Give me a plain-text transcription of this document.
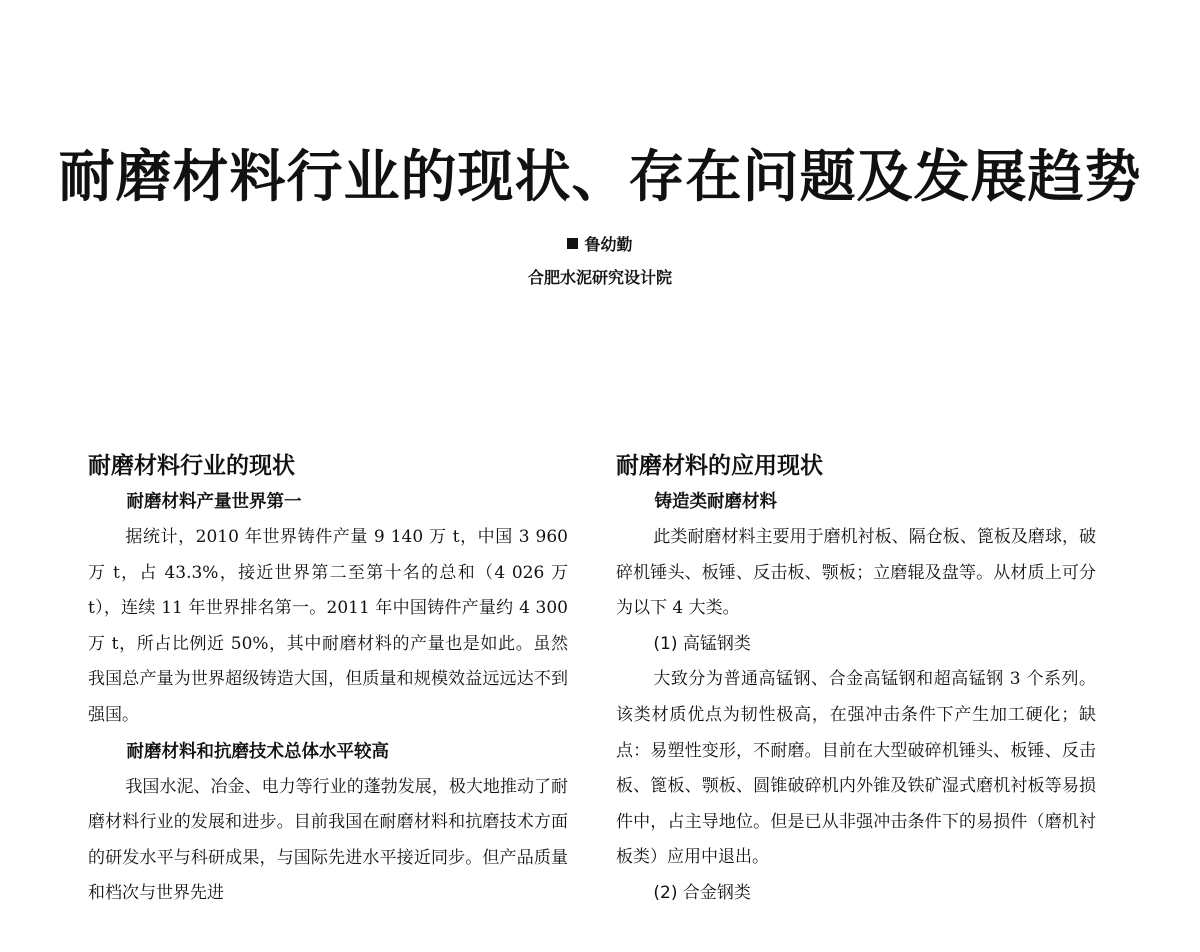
耐磨材料行业的现状、存在问题及发展趋势
鲁幼勤
合肥水泥研究设计院
耐磨材料行业的现状
耐磨材料产量世界第一

据统计，2010 年世界铸件产量 9 140 万 t，中国 3 960 万 t，占 43.3%，接近世界第二至第十名的总和（4 026 万 t），连续 11 年世界排名第一。2011 年中国铸件产量约 4 300 万 t，所占比例近 50%，其中耐磨材料的产量也是如此。虽然我国总产量为世界超级铸造大国，但质量和规模效益远远达不到强国。

耐磨材料和抗磨技术总体水平较高

我国水泥、冶金、电力等行业的蓬勃发展，极大地推动了耐磨材料行业的发展和进步。目前我国在耐磨材料和抗磨技术方面的研发水平与科研成果，与国际先进水平接近同步。但产品质量和档次与世界先进

耐磨材料的应用现状
铸造类耐磨材料

此类耐磨材料主要用于磨机衬板、隔仓板、篦板及磨球，破碎机锤头、板锤、反击板、颚板；立磨辊及盘等。从材质上可分为以下 4 大类。

(1) 高锰钢类

大致分为普通高锰钢、合金高锰钢和超高锰钢 3 个系列。该类材质优点为韧性极高，在强冲击条件下产生加工硬化；缺点：易塑性变形，不耐磨。目前在大型破碎机锤头、板锤、反击板、篦板、颚板、圆锥破碎机内外锥及铁矿湿式磨机衬板等易损件中，占主导地位。但是已从非强冲击条件下的易损件（磨机衬板类）应用中退出。

(2) 合金钢类
